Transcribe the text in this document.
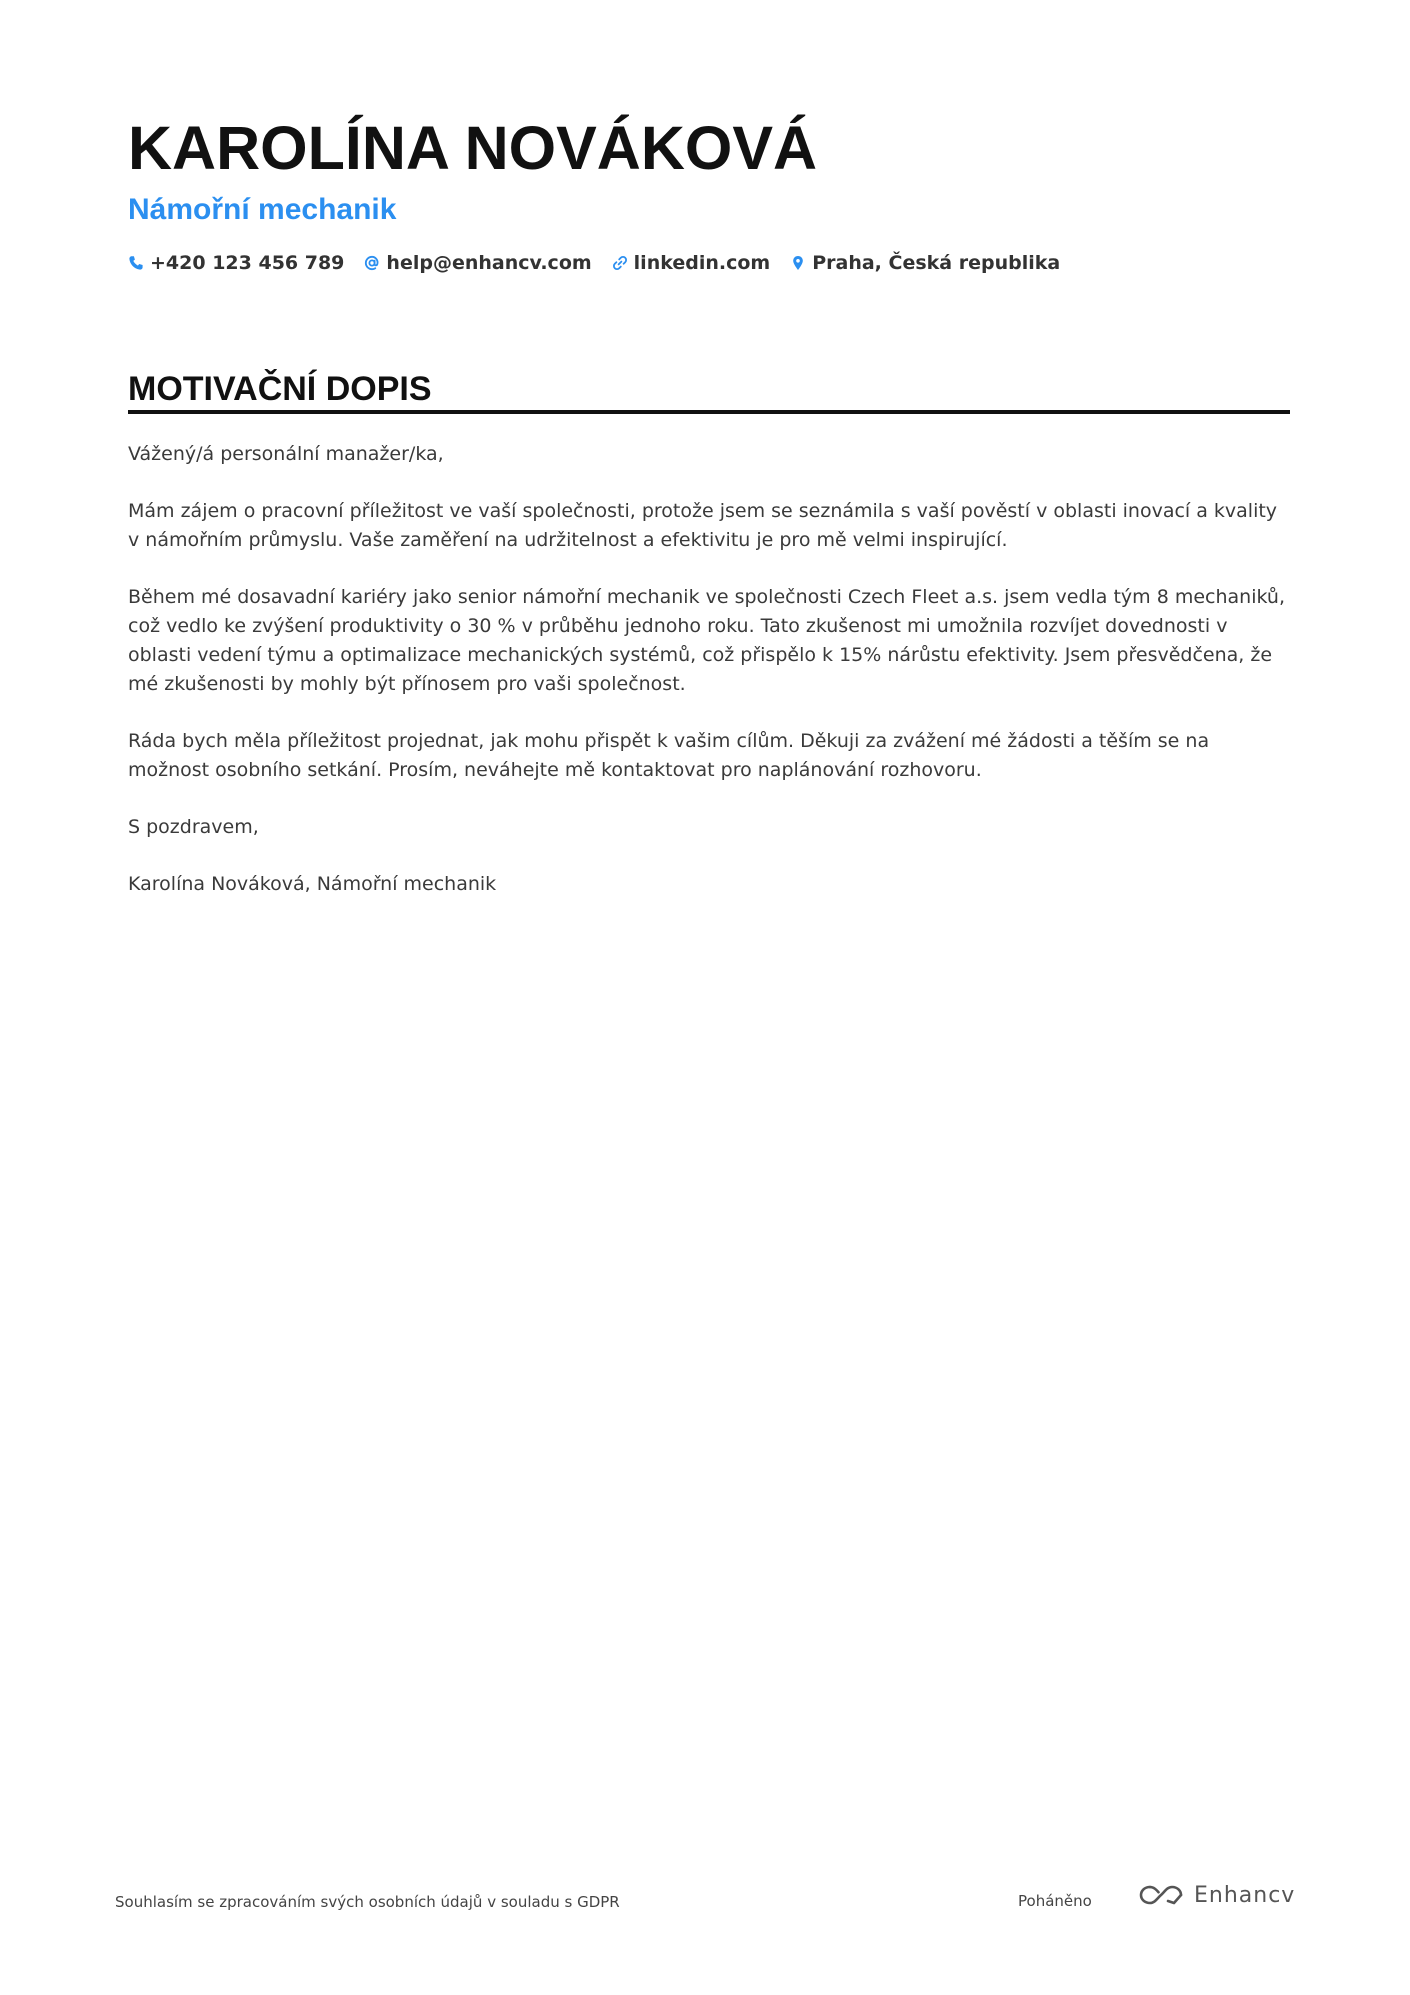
KAROLÍNA NOVÁKOVÁ
Námořní mechanik
+420 123 456 789 help@enhancv.com linkedin.com Praha, Česká republika
MOTIVAČNÍ DOPIS

Vážený/á personální manažer/ka,

Mám zájem o pracovní příležitost ve vaší společnosti, protože jsem se seznámila s vaší pověstí v oblasti inovací a kvality v námořním průmyslu. Vaše zaměření na udržitelnost a efektivitu je pro mě velmi inspirující.

Během mé dosavadní kariéry jako senior námořní mechanik ve společnosti Czech Fleet a.s. jsem vedla tým 8 mechaniků, což vedlo ke zvýšení produktivity o 30 % v průběhu jednoho roku. Tato zkušenost mi umožnila rozvíjet dovednosti v oblasti vedení týmu a optimalizace mechanických systémů, což přispělo k 15% nárůstu efektivity. Jsem přesvědčena, že mé zkušenosti by mohly být přínosem pro vaši společnost.

Ráda bych měla příležitost projednat, jak mohu přispět k vašim cílům. Děkuji za zvážení mé žádosti a těším se na možnost osobního setkání. Prosím, neváhejte mě kontaktovat pro naplánování rozhovoru.

S pozdravem,

Karolína Nováková, Námořní mechanik

Souhlasím se zpracováním svých osobních údajů v souladu s GDPR	Poháněno	Enhancv
